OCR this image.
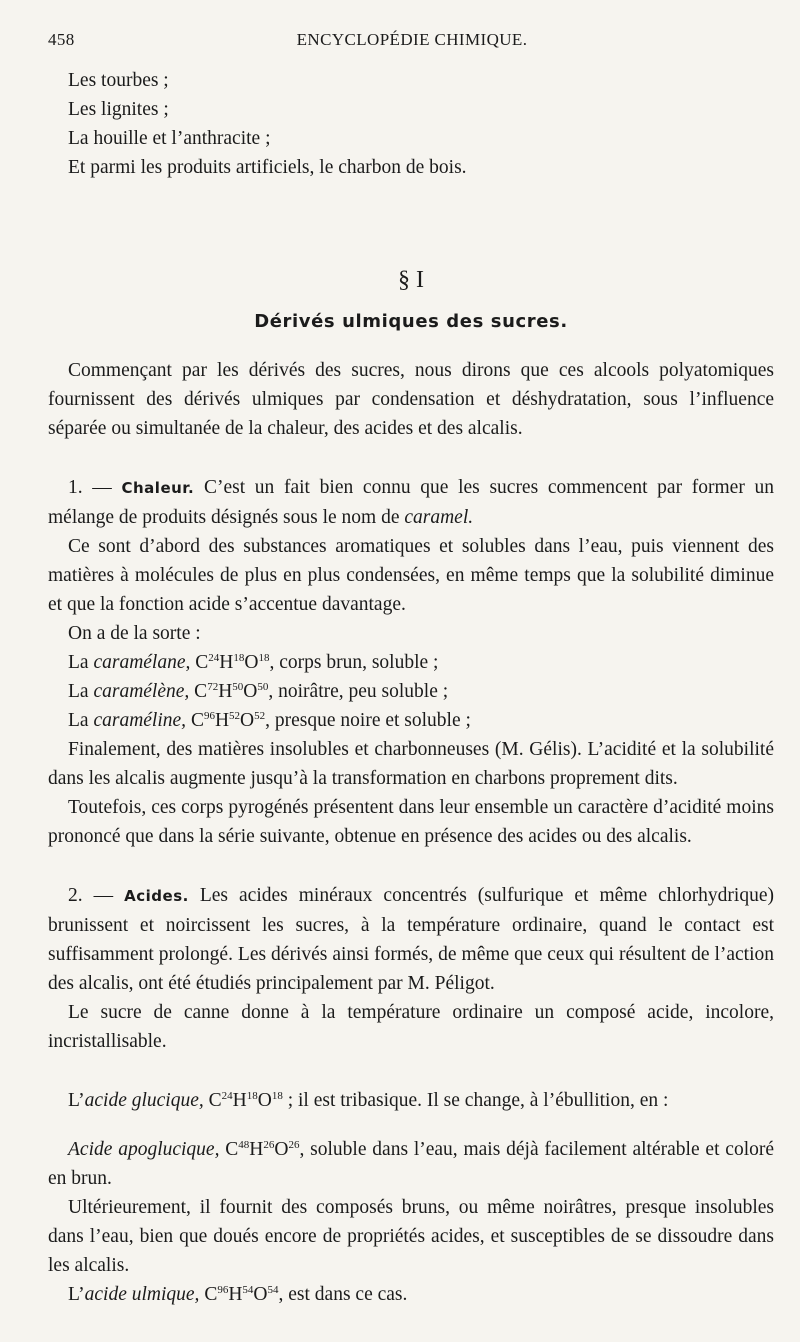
458	ENCYCLOPÉDIE CHIMIQUE.
Les tourbes ;
Les lignites ;
La houille et l’anthracite ;
Et parmi les produits artificiels, le charbon de bois.
§ I
Dérivés ulmiques des sucres.

Commençant par les dérivés des sucres, nous dirons que ces alcools polyatomiques fournissent des dérivés ulmiques par condensation et déshydratation, sous l’influence séparée ou simultanée de la chaleur, des acides et des alcalis.

1. — Chaleur. C’est un fait bien connu que les sucres commencent par former un mélange de produits désignés sous le nom de caramel.

Ce sont d’abord des substances aromatiques et solubles dans l’eau, puis viennent des matières à molécules de plus en plus condensées, en même temps que la solubilité diminue et que la fonction acide s’accentue davantage.

On a de la sorte :

La caramélane, $C^{24}H^{18}O^{18}$, corps brun, soluble ;

La caramélène, $C^{72}H^{50}O^{50}$, noirâtre, peu soluble ;

La caraméline, $C^{96}H^{52}O^{52}$, presque noire et soluble ;

Finalement, des matières insolubles et charbonneuses (M. Gélis). L’acidité et la solubilité dans les alcalis augmente jusqu’à la transformation en charbons proprement dits.

Toutefois, ces corps pyrogénés présentent dans leur ensemble un caractère d’acidité moins prononcé que dans la série suivante, obtenue en présence des acides ou des alcalis.

2. — Acides. Les acides minéraux concentrés (sulfurique et même chlorhydrique) brunissent et noircissent les sucres, à la température ordinaire, quand le contact est suffisamment prolongé. Les dérivés ainsi formés, de même que ceux qui résultent de l’action des alcalis, ont été étudiés principalement par M. Péligot.

Le sucre de canne donne à la température ordinaire un composé acide, incolore, incristallisable.

L’acide glucique, $C^{24}H^{18}O^{18}$ ; il est tribasique. Il se change, à l’ébullition, en :

Acide apoglucique, $C^{48}H^{26}O^{26}$, soluble dans l’eau, mais déjà facilement altérable et coloré en brun.

Ultérieurement, il fournit des composés bruns, ou même noirâtres, presque insolubles dans l’eau, bien que doués encore de propriétés acides, et susceptibles de se dissoudre dans les alcalis.

L’acide ulmique, $C^{96}H^{54}O^{54}$, est dans ce cas.
